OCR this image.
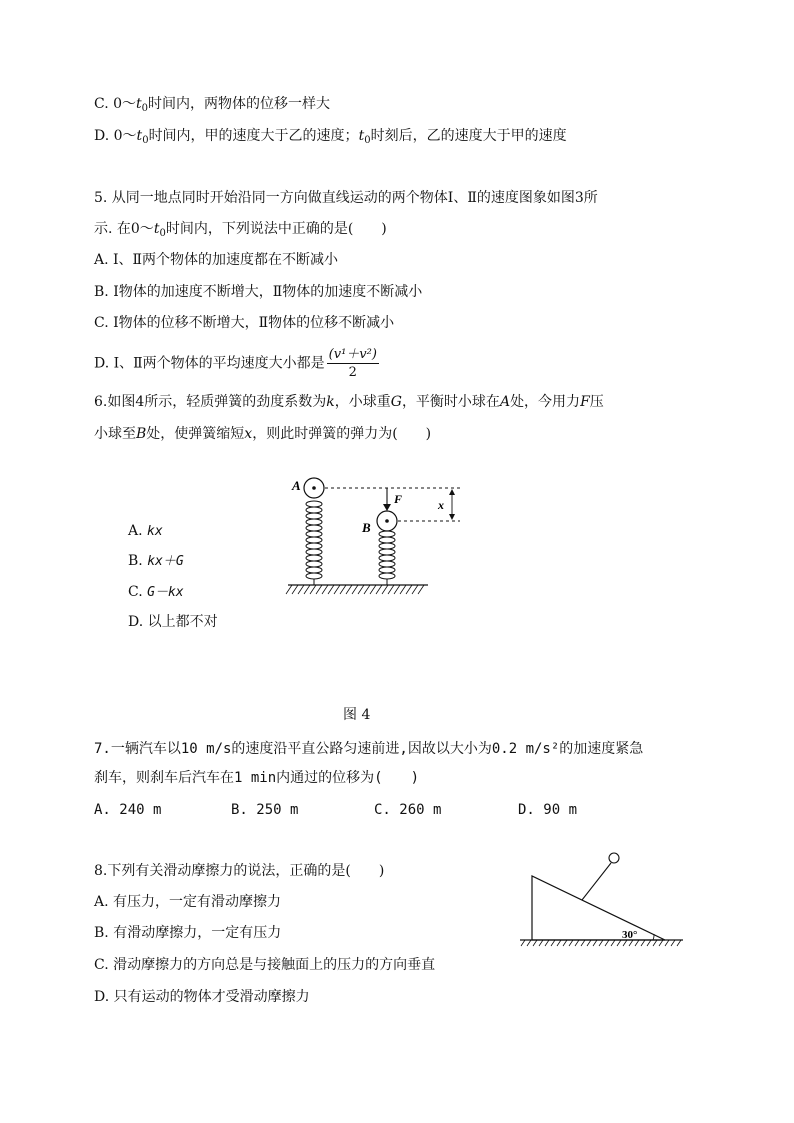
C. $0\sim t_0$时间内，两物体的位移一样大
D. $0\sim t_0$时间内，甲的速度大于乙的速度；$t_0$时刻后，乙的速度大于甲的速度
5. 从同一地点同时开始沿同一方向做直线运动的两个物体Ⅰ、Ⅱ的速度图象如图3所
示. 在$0\sim t_0$时间内，下列说法中正确的是(　　)
A. Ⅰ、Ⅱ两个物体的加速度都在不断减小
B. Ⅰ物体的加速度不断增大，Ⅱ物体的加速度不断减小
C. Ⅰ物体的位移不断增大，Ⅱ物体的位移不断减小
D. Ⅰ、Ⅱ两个物体的平均速度大小都是 $\frac{\text{(v¹＋v²)}}{2}$
6.如图4所示，轻质弹簧的劲度系数为k，小球重G，平衡时小球在A处，今用力F压
小球至B处，使弹簧缩短x，则此时弹簧的弹力为(　　)
A. kx
B. kx＋G
C. G－kx
D. 以上都不对
A
B
F	x
图 4
7.一辆汽车以10 m/s的速度沿平直公路匀速前进,因故以大小为0.2 m/s²的加速度紧急
刹车，则刹车后汽车在1 min内通过的位移为(　　)
A. 240 m	B. 250 m	C. 260 m	D. 90 m
8.下列有关滑动摩擦力的说法，正确的是(　　)
A. 有压力，一定有滑动摩擦力
B. 有滑动摩擦力，一定有压力
C. 滑动摩擦力的方向总是与接触面上的压力的方向垂直
D. 只有运动的物体才受滑动摩擦力
30°
